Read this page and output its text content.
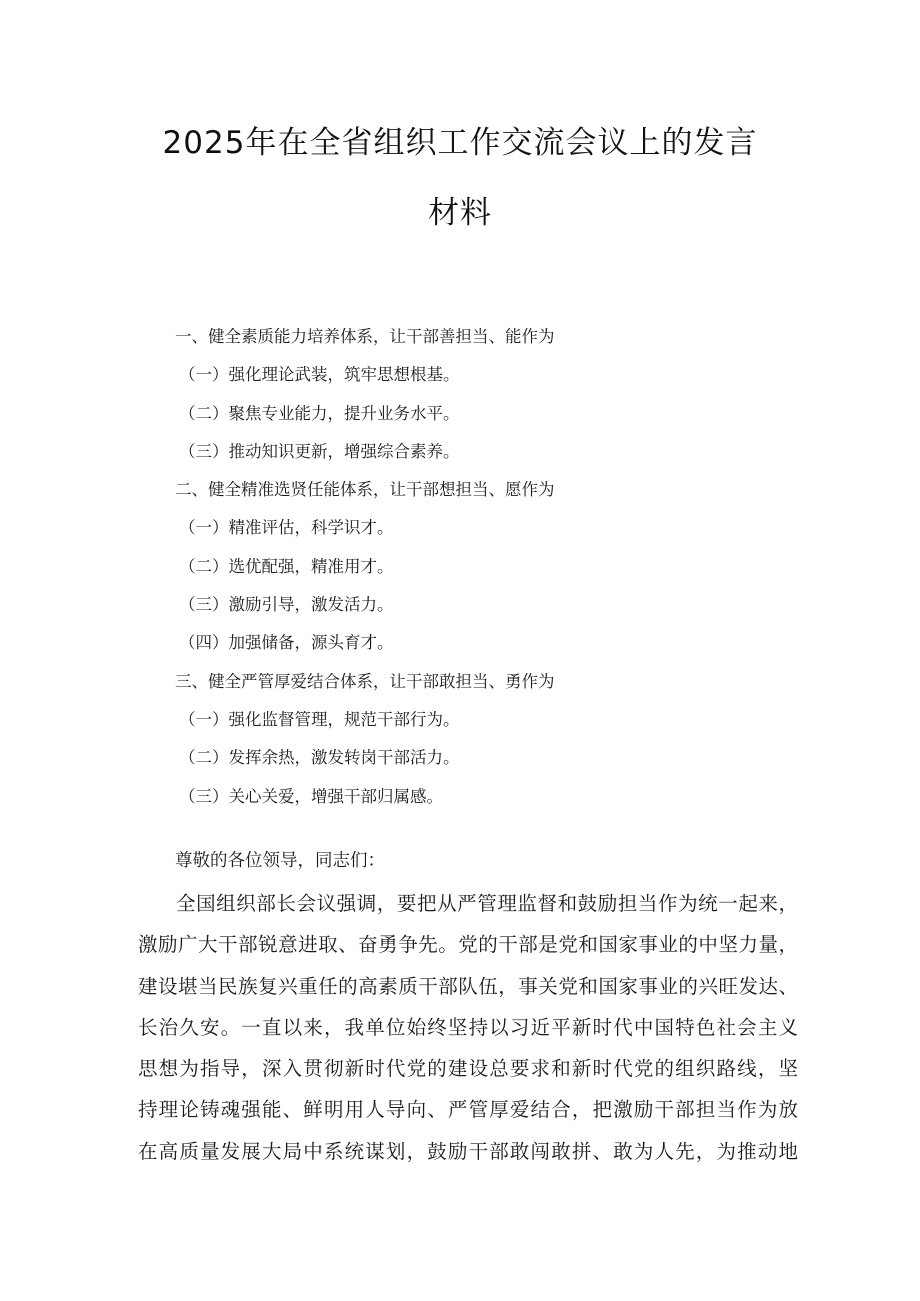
2025年在全省组织工作交流会议上的发言
材料
一、健全素质能力培养体系，让干部善担当、能作为
（一）强化理论武装，筑牢思想根基。
（二）聚焦专业能力，提升业务水平。
（三）推动知识更新，增强综合素养。
二、健全精准选贤任能体系，让干部想担当、愿作为
（一）精准评估，科学识才。
（二）选优配强，精准用才。
（三）激励引导，激发活力。
（四）加强储备，源头育才。
三、健全严管厚爱结合体系，让干部敢担当、勇作为
（一）强化监督管理，规范干部行为。
（二）发挥余热，激发转岗干部活力。
（三）关心关爱，增强干部归属感。

尊敬的各位领导，同志们：

全国组织部长会议强调，要把从严管理监督和鼓励担当作为统一起来，
激励广大干部锐意进取、奋勇争先。党的干部是党和国家事业的中坚力量，
建设堪当民族复兴重任的高素质干部队伍，事关党和国家事业的兴旺发达、
长治久安。一直以来，我单位始终坚持以习近平新时代中国特色社会主义
思想为指导，深入贯彻新时代党的建设总要求和新时代党的组织路线，坚
持理论铸魂强能、鲜明用人导向、严管厚爱结合，把激励干部担当作为放
在高质量发展大局中系统谋划，鼓励干部敢闯敢拼、敢为人先，为推动地
